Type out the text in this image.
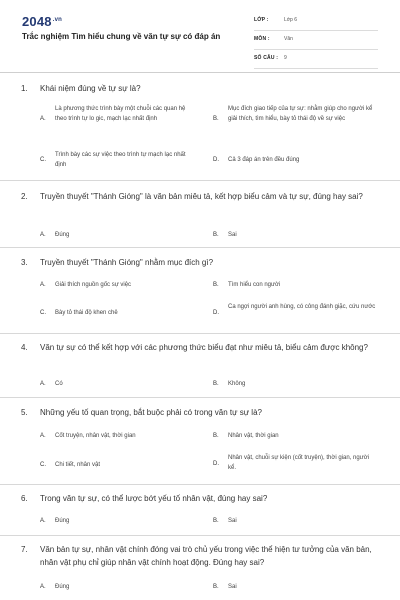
$2048^{.vn}$
Trắc nghiệm Tìm hiểu chung về văn tự sự có đáp án
LỚP :	Lớp 6
MÔN :	Văn
SỐ CÂU : 9
1. Khái niệm đúng về tự sự là?
A.
Là phương thức trình bày một chuỗi các quan hệ theo trình tự lo gic, mạch lạc nhất định	B.
Mục đích giao tiếp của tự sự: nhằm giúp cho người kể giải thích, tìm hiểu, bày tỏ thái độ về sự việc
C.
Trình bày các sự việc theo trình tự mạch lạc nhất định
D. Cả 3 đáp án trên đều đúng
2. Truyền thuyết "Thánh Gióng" là văn bản miêu tả, kết hợp biểu cảm và tự sự, đúng hay sai?
A. Đúng	B. Sai
3. Truyền thuyết "Thánh Gióng" nhằm mục đích gì?
A. Giải thích nguồn gốc sự việc	B. Tìm hiểu con người
C. Bày tỏ thái độ khen chê	D.
Ca ngợi người anh hùng, có công đánh giặc, cứu nước
4. Văn tự sự có thể kết hợp với các phương thức biểu đạt như miêu tả, biểu cảm được không?
A. Có	B. Không
5. Những yếu tố quan trọng, bắt buộc phải có trong văn tự sự là?
A. Cốt truyện, nhân vật, thời gian	B. Nhân vật, thời gian
C. Chi tiết, nhân vật	D.
Nhân vật, chuỗi sự kiện (cốt truyện), thời gian, người kể.
6. Trong văn tự sự, có thể lược bớt yếu tố nhân vật, đúng hay sai?
A. Đúng	B. Sai
7. Văn bản tự sự, nhân vật chính đóng vai trò chủ yếu trong việc thể hiện tư tưởng của văn bản, nhân vật phụ chỉ giúp nhân vật chính hoạt động. Đúng hay sai?
A. Đúng	B. Sai
